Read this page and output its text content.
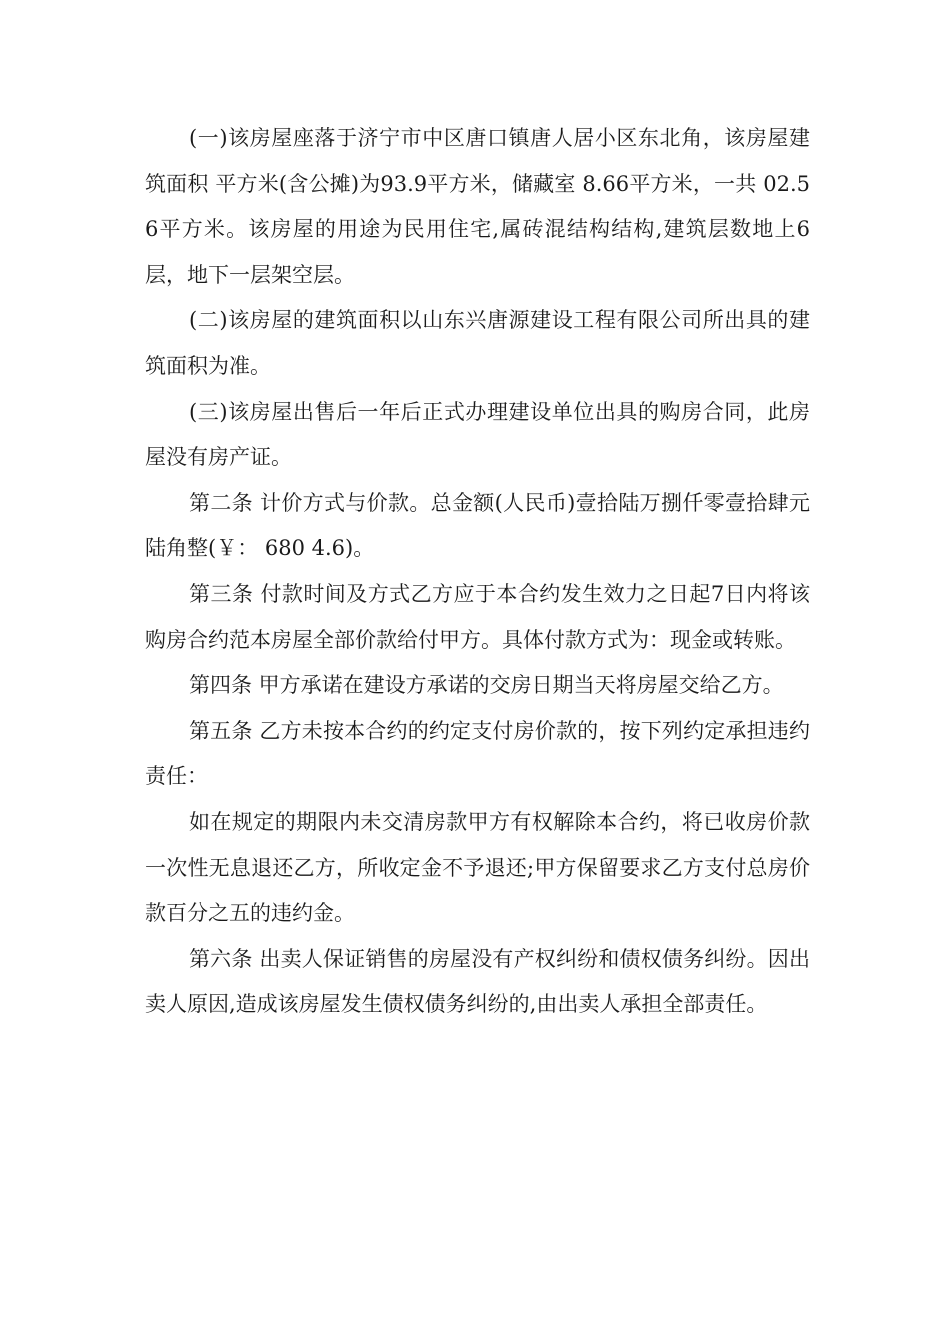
(一)该房屋座落于济宁市中区唐口镇唐人居小区东北角，该房屋建筑面积 平方米(含公摊)为93.9平方米，储藏室 8.66平方米，一共 02.56平方米。该房屋的用途为民用住宅,属砖混结构结构,建筑层数地上6层，地下一层架空层。

(二)该房屋的建筑面积以山东兴唐源建设工程有限公司所出具的建筑面积为准。

(三)该房屋出售后一年后正式办理建设单位出具的购房合同，此房屋没有房产证。

第二条 计价方式与价款。总金额(人民币)壹拾陆万捌仟零壹拾肆元陆角整(￥： 680 4.6)。

第三条 付款时间及方式乙方应于本合约发生效力之日起7日内将该购房合约范本房屋全部价款给付甲方。具体付款方式为：现金或转账。

第四条 甲方承诺在建设方承诺的交房日期当天将房屋交给乙方。

第五条 乙方未按本合约的约定支付房价款的，按下列约定承担违约责任：

如在规定的期限内未交清房款甲方有权解除本合约，将已收房价款一次性无息退还乙方，所收定金不予退还;甲方保留要求乙方支付总房价款百分之五的违约金。

第六条 出卖人保证销售的房屋没有产权纠纷和债权债务纠纷。因出卖人原因,造成该房屋发生债权债务纠纷的,由出卖人承担全部责任。
